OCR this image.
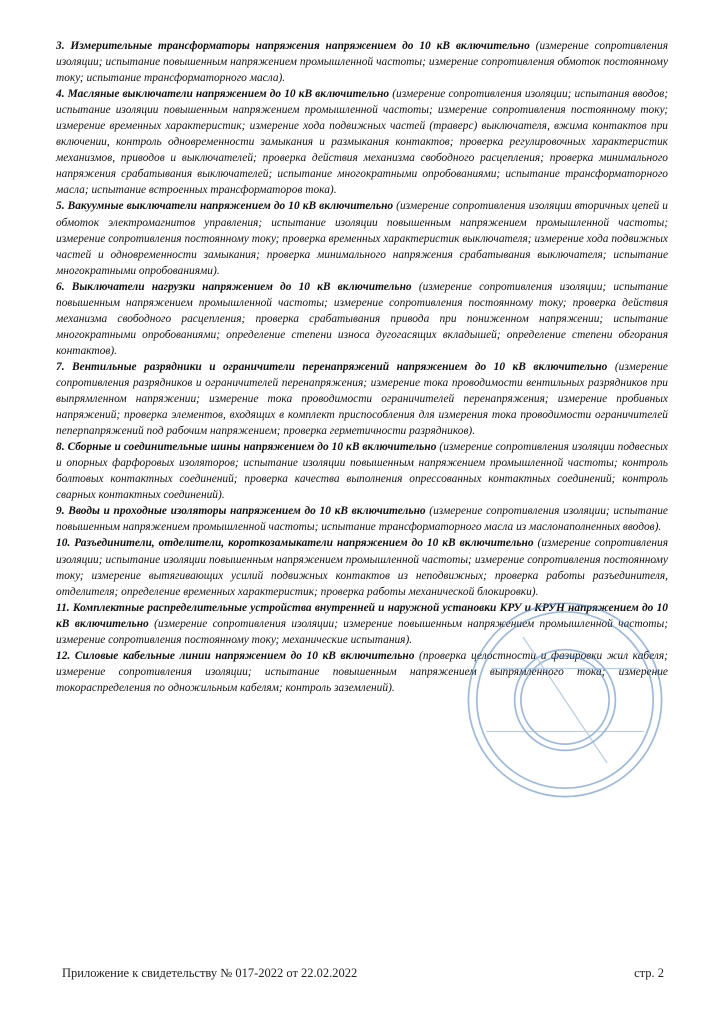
3. Измерительные трансформаторы напряжения напряжением до 10 кВ включительно (измерение сопротивления изоляции; испытание повышенным напряжением промышленной частоты; измерение сопротивления обмоток постоянному току; испытание трансформаторного масла).

4. Масляные выключатели напряжением до 10 кВ включительно (измерение сопротивления изоляции; испытания вводов; испытание изоляции повышенным напряжением промышленной частоты; измерение сопротивления постоянному току; измерение временных характеристик; измерение хода подвижных частей (траверс) выключателя, вжима контактов при включении, контроль одновременности замыкания и размыкания контактов; проверка регулировочных характеристик механизмов, приводов и выключателей; проверка действия механизма свободного расцепления; проверка минимального напряжения срабатывания выключателей; испытание многократными опробованиями; испытание трансформаторного масла; испытание встроенных трансформаторов тока).

5. Вакуумные выключатели напряжением до 10 кВ включительно (измерение сопротивления изоляции вторичных цепей и обмоток электромагнитов управления; испытание изоляции повышенным напряжением промышленной частоты; измерение сопротивления постоянному току; проверка временных характеристик выключателя; измерение хода подвижных частей и одновременности замыкания; проверка минимального напряжения срабатывания выключателя; испытание многократными опробованиями).

6. Выключатели нагрузки напряжением до 10 кВ включительно (измерение сопротивления изоляции; испытание повышенным напряжением промышленной частоты; измерение сопротивления постоянному току; проверка действия механизма свободного расцепления; проверка срабатывания привода при пониженном напряжении; испытание многократными опробованиями; определение степени износа дугогасящих вкладышей; определение степени обгорания контактов).

7. Вентильные разрядники и ограничители перенапряжений напряжением до 10 кВ включительно (измерение сопротивления разрядников и ограничителей перенапряжения; измерение тока проводимости вентильных разрядников при выпрямленном напряжении; измерение тока проводимости ограничителей перенапряжения; измерение пробивных напряжений; проверка элементов, входящих в комплект приспособления для измерения тока проводимости ограничителей пеперпапряжений под рабочим напряжением; проверка герметичности разрядников).

8. Сборные и соединительные шины напряжением до 10 кВ включительно (измерение сопротивления изоляции подвесных и опорных фарфоровых изоляторов; испытание изоляции повышенным напряжением промышленной частоты; контроль болтовых контактных соединений; проверка качества выполнения опрессованных контактных соединений; контроль сварных контактных соединений).

9. Вводы и проходные изоляторы напряжением до 10 кВ включительно (измерение сопротивления изоляции; испытание повышенным напряжением промышленной частоты; испытание трансформаторного масла из маслонаполненных вводов).

10. Разъединители, отделители, короткозамыкатели напряжением до 10 кВ включительно (измерение сопротивления изоляции; испытание изоляции повышенным напряжением промышленной частоты; измерение сопротивления постоянному току; измерение вытягивающих усилий подвижных контактов из неподвижных; проверка работы разъединителя, отделителя; определение временных характеристик; проверка работы механической блокировки).

11. Комплектные распределительные устройства внутренней и наружной установки КРУ и КРУН напряжением до 10 кВ включительно (измерение сопротивления изоляции; измерение повышенным напряжением промышленной частоты; измерение сопротивления постоянному току; механические испытания).

12. Силовые кабельные линии напряжением до 10 кВ включительно (проверка целостности и фазировки жил кабеля; измерение сопротивления изоляции; испытание повышенным напряжением выпрямленного тока; измерение токораспределения по одножильным кабелям; контроль заземлений).

Приложение к свидетельству № 017-2022 от 22.02.2022	стр. 2
